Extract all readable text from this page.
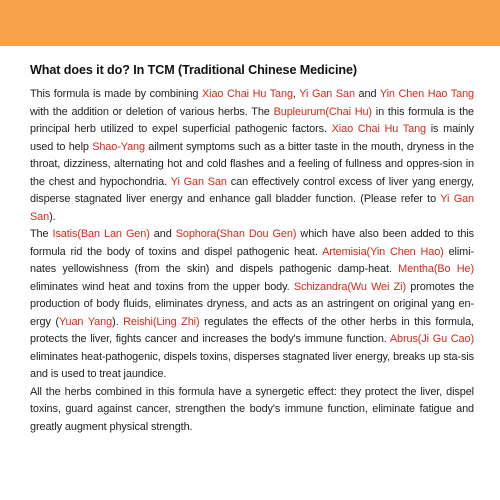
What does it do? In TCM (Traditional Chinese Medicine)

This formula is made by combining Xiao Chai Hu Tang, Yi Gan San and Yin Chen Hao Tang with the addition or deletion of various herbs. The Bupleurum(Chai Hu) in this formula is the principal herb utilized to expel superficial pathogenic factors. Xiao Chai Hu Tang is mainly used to help Shao-Yang ailment symptoms such as a bitter taste in the mouth, dryness in the throat, dizziness, alternating hot and cold flashes and a feeling of fullness and oppres-sion in the chest and hypochondria. Yi Gan San can effectively control excess of liver yang energy, disperse stagnated liver energy and enhance gall bladder function. (Please refer to Yi Gan San).

The Isatis(Ban Lan Gen) and Sophora(Shan Dou Gen) which have also been added to this formula rid the body of toxins and dispel pathogenic heat. Artemisia(Yin Chen Hao) elimi-nates yellowishness (from the skin) and dispels pathogenic damp-heat. Mentha(Bo He) eliminates wind heat and toxins from the upper body. Schizandra(Wu Wei Zi) promotes the production of body fluids, eliminates dryness, and acts as an astringent on original yang en-ergy (Yuan Yang). Reishi(Ling Zhi) regulates the effects of the other herbs in this formula, protects the liver, fights cancer and increases the body's immune function. Abrus(Ji Gu Cao) eliminates heat-pathogenic, dispels toxins, disperses stagnated liver energy, breaks up sta-sis and is used to treat jaundice.

All the herbs combined in this formula have a synergetic effect: they protect the liver, dispel toxins, guard against cancer, strengthen the body's immune function, eliminate fatigue and greatly augment physical strength.
